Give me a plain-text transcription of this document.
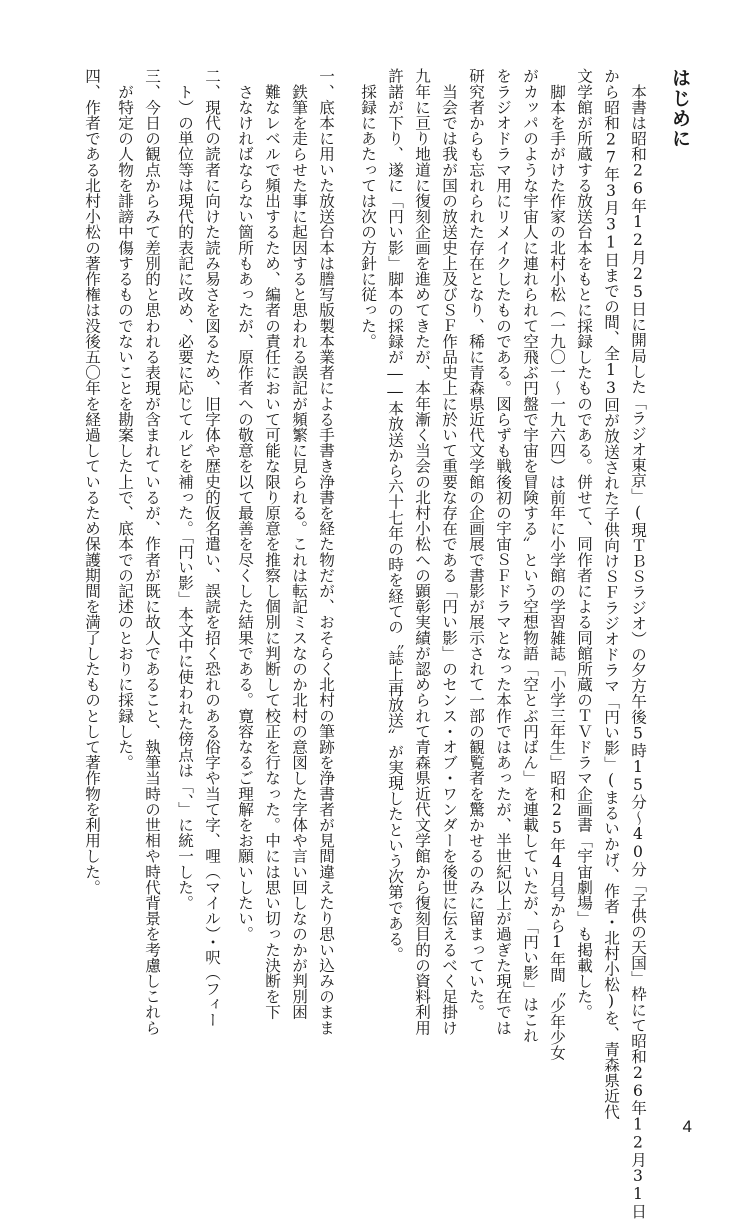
はじめに

　本書は昭和26年12月25日に開局した「ラジオ東京」(現ＴＢＳラジオ）の夕方午後5時15分～40分「子供の天国」枠にて昭和26年12月31日

から昭和27年3月31日までの間、全13回が放送された子供向けＳＦラジオドラマ「円い影」(まるいかげ、作者・北村小松)を、青森県近代

文学館が所蔵する放送台本をもとに採録したものである。併せて、同作者による同館所蔵のＴＶドラマ企画書「宇宙劇場」も掲載した。

　脚本を手がけた作家の北村小松（一九〇一～一九六四）は前年に小学館の学習雑誌「小学三年生」昭和25年4月号から1年間〝少年少女

がカッパのような宇宙人に連れられて空飛ぶ円盤で宇宙を冒険する〟という空想物語「空とぶ円ばん」を連載していたが、「円い影」はこれ

をラジオドラマ用にリメイクしたものである。図らずも戦後初の宇宙ＳＦドラマとなった本作ではあったが、半世紀以上が過ぎた現在では

研究者からも忘れられた存在となり、稀に青森県近代文学館の企画展で書影が展示されて一部の観覧者を驚かせるのみに留まっていた。

　当会では我が国の放送史上及びＳＦ作品史上に於いて重要な存在である「円い影」のセンス・オブ・ワンダーを後世に伝えるべく足掛け

九年に亘り地道に復刻企画を進めてきたが、本年漸く当会の北村小松への顕彰実績が認められて青森県近代文学館から復刻目的の資料利用

許諾が下り、遂に「円い影」脚本の採録が――本放送から六十七年の時を経ての〝誌上再放送〟が実現したという次第である。

　採録にあたっては次の方針に従った。

一、底本に用いた放送台本は謄写版製本業者による手書き浄書を経た物だが、おそらく北村の筆跡を浄書者が見間違えたり思い込みのまま

　鉄筆を走らせた事に起因すると思われる誤記が頻繁に見られる。これは転記ミスなのか北村の意図した字体や言い回しなのかが判別困

　難なレベルで頻出するため、編者の責任において可能な限り原意を推察し個別に判断して校正を行なった。中には思い切った決断を下

　さなければならない箇所もあったが、原作者への敬意を以て最善を尽くした結果である。寛容なるご理解をお願いしたい。

二、現代の読者に向けた読み易さを図るため、旧字体や歴史的仮名遣い、誤読を招く恐れのある俗字や当て字、哩（マイル）・呎（フィー

　ト）の単位等は現代的表記に改め、必要に応じてルビを補った。「円い影」本文中に使われた傍点は「、」に統一した。

三、今日の観点からみて差別的と思われる表現が含まれているが、作者が既に故人であること、執筆当時の世相や時代背景を考慮しこれら

　が特定の人物を誹謗中傷するものでないことを勘案した上で、底本での記述のとおりに採録した。

四、作者である北村小松の著作権は没後五〇年を経過しているため保護期間を満了したものとして著作物を利用した。

4
